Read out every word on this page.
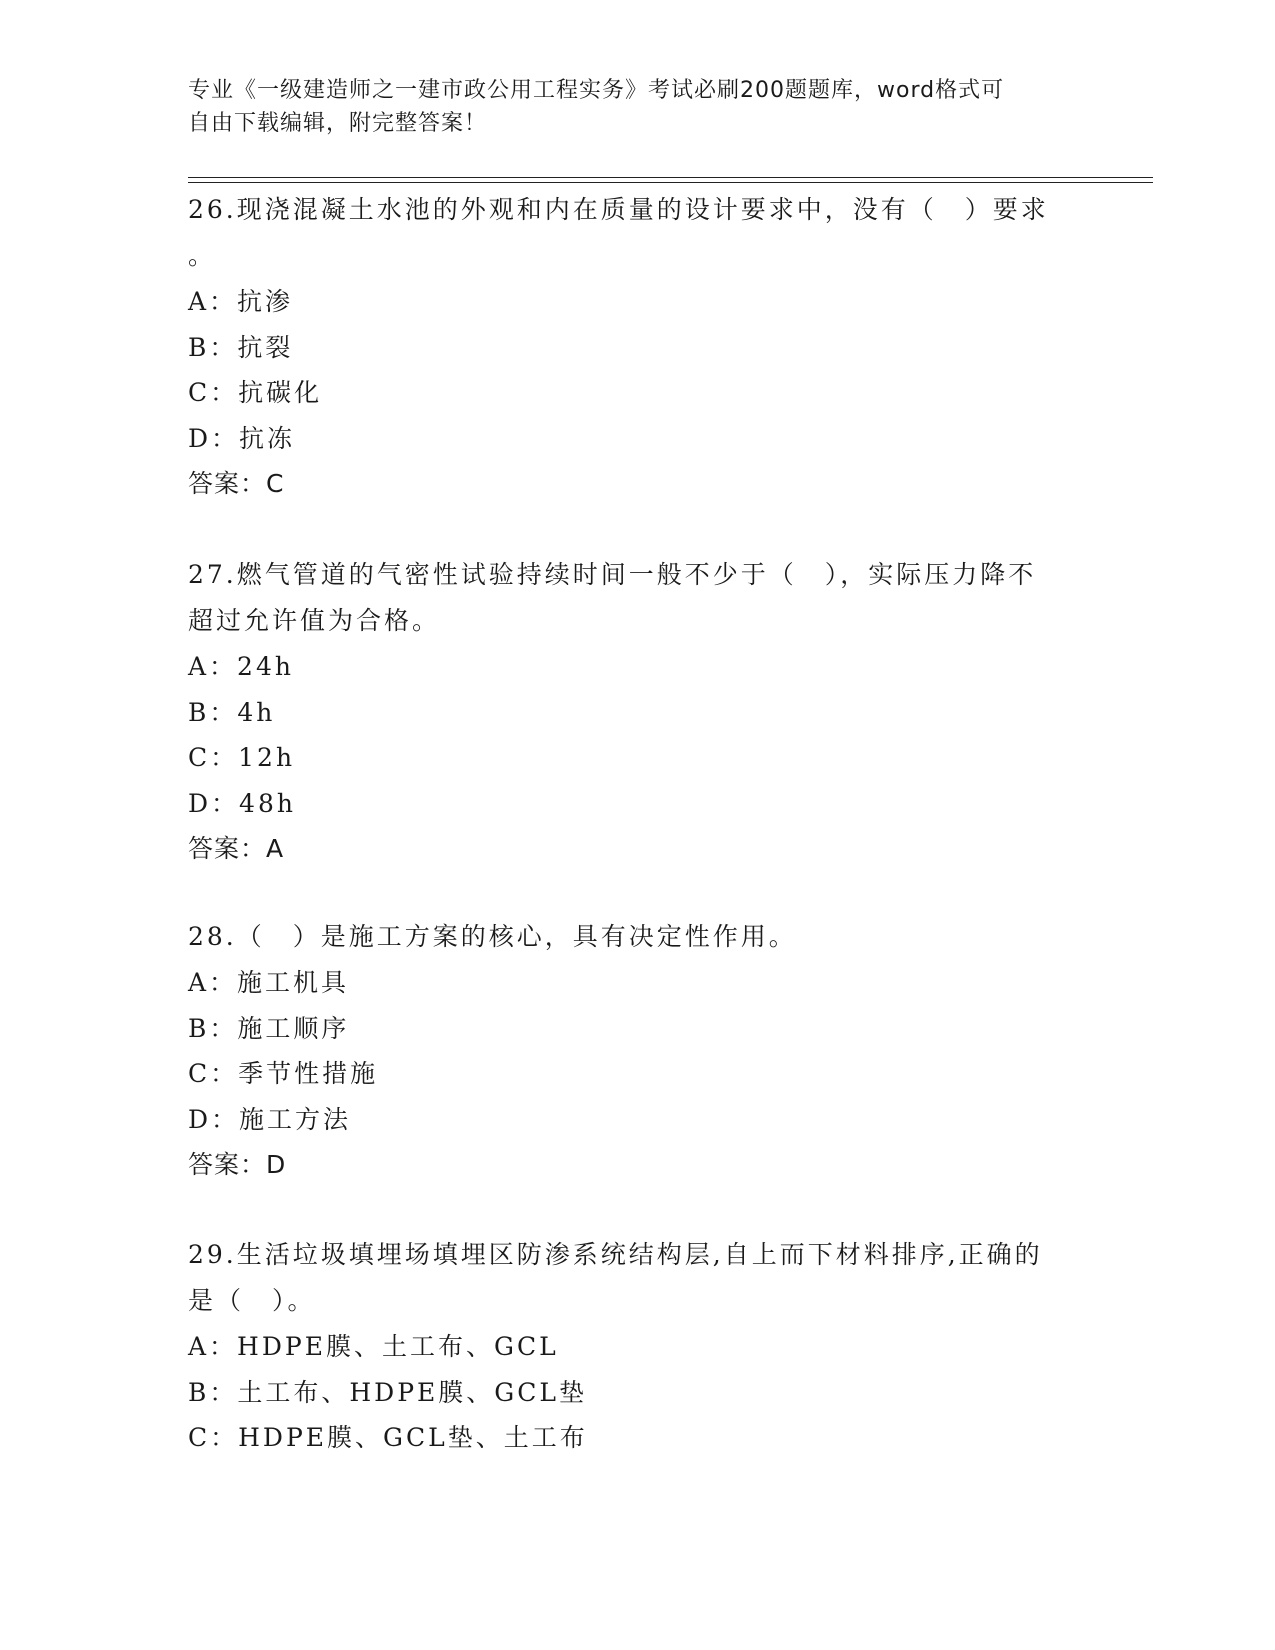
专业《一级建造师之一建市政公用工程实务》考试必刷200题题库，word格式可
自由下载编辑，附完整答案！

26.现浇混凝土水池的外观和内在质量的设计要求中，没有（　）要求

。

A：抗渗

B：抗裂

C：抗碳化

D：抗冻

答案：C

27.燃气管道的气密性试验持续时间一般不少于（　），实际压力降不

超过允许值为合格。

A：24h

B：4h

C：12h

D：48h

答案：A

28.（　）是施工方案的核心，具有决定性作用。

A：施工机具

B：施工顺序

C：季节性措施

D：施工方法

答案：D

29.生活垃圾填埋场填埋区防渗系统结构层,自上而下材料排序,正确的

是（　）。

A：HDPE膜、土工布、GCL

B：土工布、HDPE膜、GCL垫

C：HDPE膜、GCL垫、土工布
